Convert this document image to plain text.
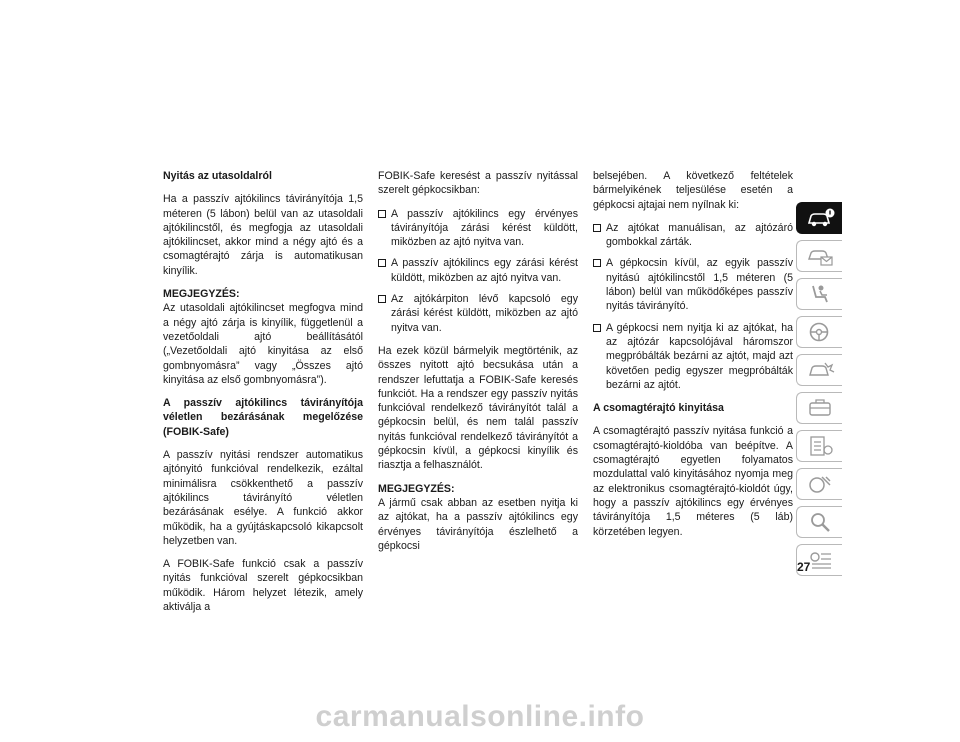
Nyitás az utasoldalról

Ha a passzív ajtókilincs távirányítója 1,5 méteren (5 lábon) belül van az utasoldali ajtókilincstől, és megfogja az utasoldali ajtókilincset, akkor mind a négy ajtó és a csomagtérajtó zárja is automatikusan kinyílik.

MEGJEGYZÉS:
Az utasoldali ajtókilincset megfogva mind a négy ajtó zárja is kinyílik, függetlenül a vezetőoldali ajtó beállításától („Vezetőoldali ajtó kinyitása az első gombnyomásra” vagy „Összes ajtó kinyitása az első gombnyomásra”).

A passzív ajtókilincs távirányítója véletlen bezárásának megelőzése (FOBIK-Safe)

A passzív nyitási rendszer automatikus ajtónyitó funkcióval rendelkezik, ezáltal minimálisra csökkenthető a passzív ajtókilincs távirányító véletlen bezárásának esélye. A funkció akkor működik, ha a gyújtáskapcsoló kikapcsolt helyzetben van.

A FOBIK-Safe funkció csak a passzív nyitás funkcióval szerelt gépkocsikban működik. Három helyzet létezik, amely aktiválja a

FOBIK-Safe keresést a passzív nyitással szerelt gépkocsikban:

A passzív ajtókilincs egy érvényes távirányítója zárási kérést küldött, miközben az ajtó nyitva van.
A passzív ajtókilincs egy zárási kérést küldött, miközben az ajtó nyitva van.
Az ajtókárpiton lévő kapcsoló egy zárási kérést küldött, miközben az ajtó nyitva van.

Ha ezek közül bármelyik megtörténik, az összes nyitott ajtó becsukása után a rendszer lefuttatja a FOBIK-Safe keresés funkciót. Ha a rendszer egy passzív nyitás funkcióval rendelkező távirányítót talál a gépkocsin belül, és nem talál passzív nyitás funkcióval rendelkező távirányítót a gépkocsin kívül, a gépkocsi kinyílik és riasztja a felhasználót.

MEGJEGYZÉS:
A jármű csak abban az esetben nyitja ki az ajtókat, ha a passzív ajtókilincs egy érvényes távirányítója észlelhető a gépkocsi

belsejében. A következő feltételek bármelyikének teljesülése esetén a gépkocsi ajtajai nem nyílnak ki:

Az ajtókat manuálisan, az ajtózáró gombokkal zárták.
A gépkocsin kívül, az egyik passzív nyitású ajtókilincstől 1,5 méteren (5 lábon) belül van működőképes passzív nyitás távirányító.
A gépkocsi nem nyitja ki az ajtókat, ha az ajtózár kapcsolójával háromszor megpróbálták bezárni az ajtót, majd azt követően pedig egyszer megpróbálták bezárni az ajtót.
A csomagtérajtó kinyitása

A csomagtérajtó passzív nyitása funkció a csomagtérajtó-kioldóba van beépítve. A csomagtérajtó egyetlen folyamatos mozdulattal való kinyitásához nyomja meg az elektronikus csomagtérajtó-kioldót úgy, hogy a passzív ajtókilincs egy érvényes távirányítója 1,5 méteres (5 láb) körzetében legyen.

27
carmanualsonline.info
